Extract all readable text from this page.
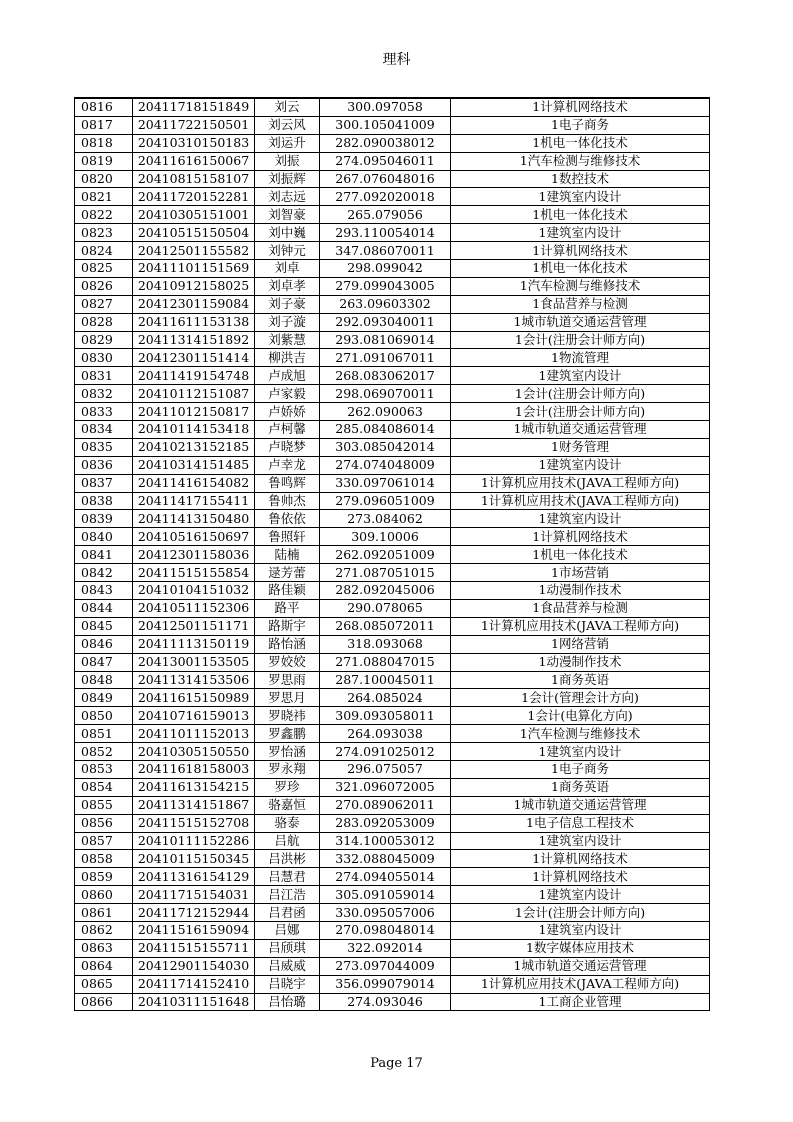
理科
0816	20411718151849	刘云	300.097058	1计算机网络技术
0817	20411722150501	刘云风	300.105041009	1电子商务
0818	20410310150183	刘运升	282.090038012	1机电一体化技术
0819	20411616150067	刘振	274.095046011	1汽车检测与维修技术
0820	20410815158107	刘振辉	267.076048016	1数控技术
0821	20411720152281	刘志远	277.092020018	1建筑室内设计
0822	20410305151001	刘智豪	265.079056	1机电一体化技术
0823	20410515150504	刘中巍	293.110054014	1建筑室内设计
0824	20412501155582	刘钟元	347.086070011	1计算机网络技术
0825	20411101151569	刘卓	298.099042	1机电一体化技术
0826	20410912158025	刘卓孝	279.099043005	1汽车检测与维修技术
0827	20412301159084	刘子豪	263.09603302	1食品营养与检测
0828	20411611153138	刘子漩	292.093040011	1城市轨道交通运营管理
0829	20411314151892	刘紫慧	293.081069014	1会计(注册会计师方向)
0830	20412301151414	柳洪吉	271.091067011	1物流管理
0831	20411419154748	卢成旭	268.083062017	1建筑室内设计
0832	20410112151087	卢家毅	298.069070011	1会计(注册会计师方向)
0833	20411012150817	卢娇娇	262.090063	1会计(注册会计师方向)
0834	20410114153418	卢柯馨	285.084086014	1城市轨道交通运营管理
0835	20410213152185	卢晓梦	303.085042014	1财务管理
0836	20410314151485	卢幸龙	274.074048009	1建筑室内设计
0837	20411416154082	鲁鸣辉	330.097061014	1计算机应用技术(JAVA工程师方向)
0838	20411417155411	鲁帅杰	279.096051009	1计算机应用技术(JAVA工程师方向)
0839	20411413150480	鲁依依	273.084062	1建筑室内设计
0840	20410516150697	鲁照轩	309.10006	1计算机网络技术
0841	20412301158036	陆楠	262.092051009	1机电一体化技术
0842	20411515155854	逯芳蕾	271.087051015	1市场营销
0843	20410104151032	路佳颖	282.092045006	1动漫制作技术
0844	20410511152306	路平	290.078065	1食品营养与检测
0845	20412501151171	路斯宇	268.085072011	1计算机应用技术(JAVA工程师方向)
0846	20411113150119	路怡涵	318.093068	1网络营销
0847	20413001153505	罗姣姣	271.088047015	1动漫制作技术
0848	20411314153506	罗思雨	287.100045011	1商务英语
0849	20411615150989	罗思月	264.085024	1会计(管理会计方向)
0850	20410716159013	罗晓祎	309.093058011	1会计(电算化方向)
0851	20411011152013	罗鑫鹏	264.093038	1汽车检测与维修技术
0852	20410305150550	罗怡涵	274.091025012	1建筑室内设计
0853	20411618158003	罗永翔	296.075057	1电子商务
0854	20411613154215	罗珍	321.096072005	1商务英语
0855	20411314151867	骆嘉恒	270.089062011	1城市轨道交通运营管理
0856	20411515152708	骆泰	283.092053009	1电子信息工程技术
0857	20410111152286	吕航	314.100053012	1建筑室内设计
0858	20410115150345	吕洪彬	332.088045009	1计算机网络技术
0859	20411316154129	吕慧君	274.094055014	1计算机网络技术
0860	20411715154031	吕江浩	305.091059014	1建筑室内设计
0861	20411712152944	吕君函	330.095057006	1会计(注册会计师方向)
0862	20411516159094	吕娜	270.098048014	1建筑室内设计
0863	20411515155711	吕颀琪	322.092014	1数字媒体应用技术
0864	20412901154030	吕威威	273.097044009	1城市轨道交通运营管理
0865	20411714152410	吕晓宇	356.099079014	1计算机应用技术(JAVA工程师方向)
0866	20410311151648	吕怡璐	274.093046	1工商企业管理
Page 17
